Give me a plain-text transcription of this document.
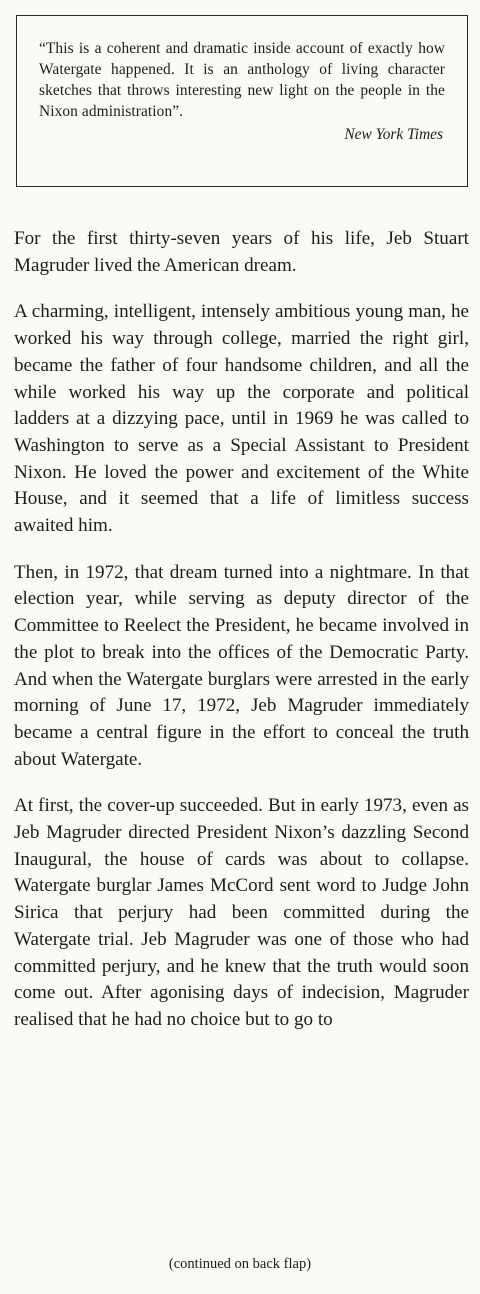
“This is a coherent and dramatic inside account of exactly how Watergate happened. It is an anthology of living character sketches that throws interesting new light on the people in the Nixon administration”.

New York Times

For the first thirty-seven years of his life, Jeb Stuart Magruder lived the American dream.

A charming, intelligent, intensely ambitious young man, he worked his way through college, married the right girl, became the father of four handsome children, and all the while worked his way up the corporate and political ladders at a dizzying pace, until in 1969 he was called to Washington to serve as a Special Assistant to President Nixon. He loved the power and excitement of the White House, and it seemed that a life of limitless success awaited him.

Then, in 1972, that dream turned into a nightmare. In that election year, while serving as deputy director of the Committee to Reelect the President, he became involved in the plot to break into the offices of the Democratic Party. And when the Watergate burglars were arrested in the early morning of June 17, 1972, Jeb Magruder immediately became a central figure in the effort to conceal the truth about Watergate.

At first, the cover-up succeeded. But in early 1973, even as Jeb Magruder directed President Nixon’s dazzling Second Inaugural, the house of cards was about to collapse. Watergate burglar James McCord sent word to Judge John Sirica that perjury had been committed during the Watergate trial. Jeb Magruder was one of those who had committed perjury, and he knew that the truth would soon come out. After agonising days of indecision, Magruder realised that he had no choice but to go to

(continued on back flap)
